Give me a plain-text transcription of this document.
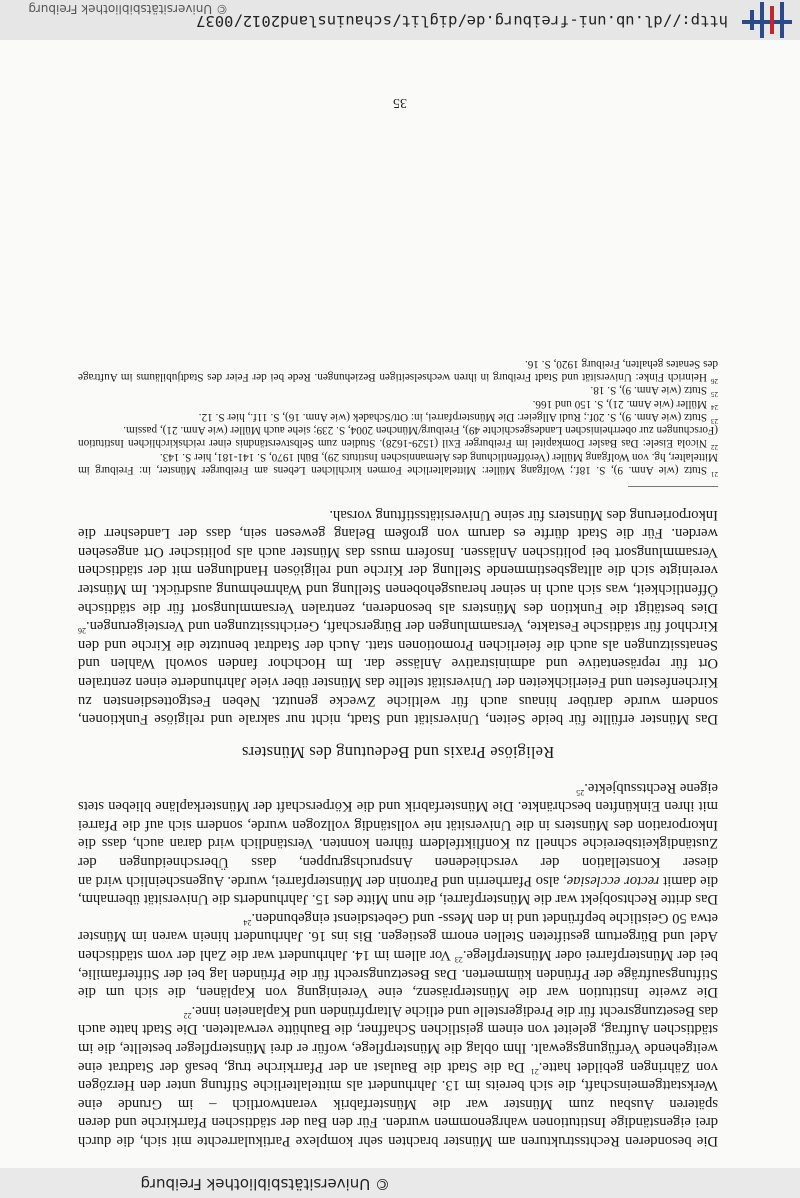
© Universitätsbibliothek Freiburg

Die besonderen Rechtsstrukturen am Münster brachten sehr komplexe Partikularrechte mit sich, die durch drei eigenständige Institutionen wahrgenommen wurden. Für den Bau der städtischen Pfarrkirche und deren späteren Ausbau zum Münster war die Münsterfabrik verantwortlich – im Grunde eine Werkstattgemeinschaft, die sich bereits im 13. Jahrhundert als mittelalterliche Stiftung unter den Herzögen von Zähringen gebildet hatte.$^{21}$ Da die Stadt die Baulast an der Pfarrkirche trug, besaß der Stadtrat eine weitgehende Verfügungsgewalt. Ihm oblag die Münsterpflege, wofür er drei Münsterpfleger bestellte, die im städtischen Auftrag, geleitet von einem geistlichen Schaffner, die Bauhütte verwalteten. Die Stadt hatte auch das Besetzungsrecht für die Predigerstelle und etliche Altarpfründen und Kaplaneien inne.$^{22}$

Die zweite Institution war die Münsterpräsenz, eine Vereinigung von Kaplänen, die sich um die Stiftungsaufträge der Pfründen kümmerten. Das Besetzungsrecht für die Pfründen lag bei der Stifterfamilie, bei der Münsterpfarrei oder Münsterpflege.$^{23}$ Vor allem im 14. Jahrhundert war die Zahl der vom städtischen Adel und Bürgertum gestifteten Stellen enorm gestiegen. Bis ins 16. Jahrhundert hinein waren im Münster etwa 50 Geistliche bepfründet und in den Mess- und Gebetsdienst eingebunden.$^{24}$

Das dritte Rechtsobjekt war die Münsterpfarrei, die nun Mitte des 15. Jahrhunderts die Universität übernahm, die damit rector ecclesiae, also Pfarrherrin und Patronin der Münsterpfarrei, wurde. Augenscheinlich wird an dieser Konstellation der verschiedenen Anspruchsgruppen, dass Überschneidungen der Zuständigkeitsbereiche schnell zu Konfliktfeldern führen konnten. Verständlich wird daran auch, dass die Inkorporation des Münsters in die Universität nie vollständig vollzogen wurde, sondern sich auf die Pfarrei mit ihren Einkünften beschränkte. Die Münsterfabrik und die Körperschaft der Münsterkapläne blieben stets eigene Rechtssubjekte.$^{25}$

Religiöse Praxis und Bedeutung des Münsters

Das Münster erfüllte für beide Seiten, Universität und Stadt, nicht nur sakrale und religiöse Funktionen, sondern wurde darüber hinaus auch für weltliche Zwecke genutzt. Neben Festgottesdiensten zu Kirchenfesten und Feierlichkeiten der Universität stellte das Münster über viele Jahrhunderte einen zentralen Ort für repräsentative und administrative Anlässe dar. Im Hochchor fanden sowohl Wahlen und Senatssitzungen als auch die feierlichen Promotionen statt. Auch der Stadtrat benutzte die Kirche und den Kirchhof für städtische Festakte, Versammlungen der Bürgerschaft, Gerichtssitzungen und Versteigerungen.$^{26}$ Dies bestätigt die Funktion des Münsters als besonderen, zentralen Versammlungsort für die städtische Öffentlichkeit, was sich auch in seiner herausgehobenen Stellung und Wahrnehmung ausdrückt. Im Münster vereinigte sich die alltagsbestimmende Stellung der Kirche und religiösen Handlungen mit der städtischen Versammlungsort bei politischen Anlässen. Insofern muss das Münster auch als politischer Ort angesehen werden. Für die Stadt dürfte es darum von großem Belang gewesen sein, dass der Landesherr die Inkorporierung des Münsters für seine Universitätsstiftung vorsah.

$^{21}$Stutz (wie Anm. 9), S. 18f.; Wolfgang Müller: Mittelalterliche Formen kirchlichen Lebens am Freiburger Münster, in: Freiburg im Mittelalter, hg. von Wolfgang Müller (Veröffentlichung des Alemannischen Instituts 29), Bühl 1970, S. 141-181, hier S. 143.

$^{22}$Nicola Eisele: Das Basler Domkapitel im Freiburger Exil (1529-1628). Studien zum Selbstverständnis einer reichskirchlichen Institution (Forschungen zur oberrheinischen Landesgeschichte 49), Freiburg/München 2004, S. 239; siehe auch Müller (wie Anm. 21), passim.

$^{23}$Stutz (wie Anm. 9), S. 20f.; Rudi Allgeier: Die Münsterpfarrei, in: Ott/Schadek (wie Anm. 16), S. 11f., hier S. 12.

$^{24}$Müller (wie Anm. 21), S. 150 und 166.

$^{25}$Stutz (wie Anm. 9), S. 18.

$^{26}$Heinrich Finke: Universität und Stadt Freiburg in ihren wechselseitigen Beziehungen. Rede bei der Feier des Stadtjubiläums im Auftrage des Senates gehalten, Freiburg 1920, S. 16.

35
http://dl.ub.uni-freiburg.de/diglit/schauinsland2012/0037
© Universitätsbibliothek Freiburg
